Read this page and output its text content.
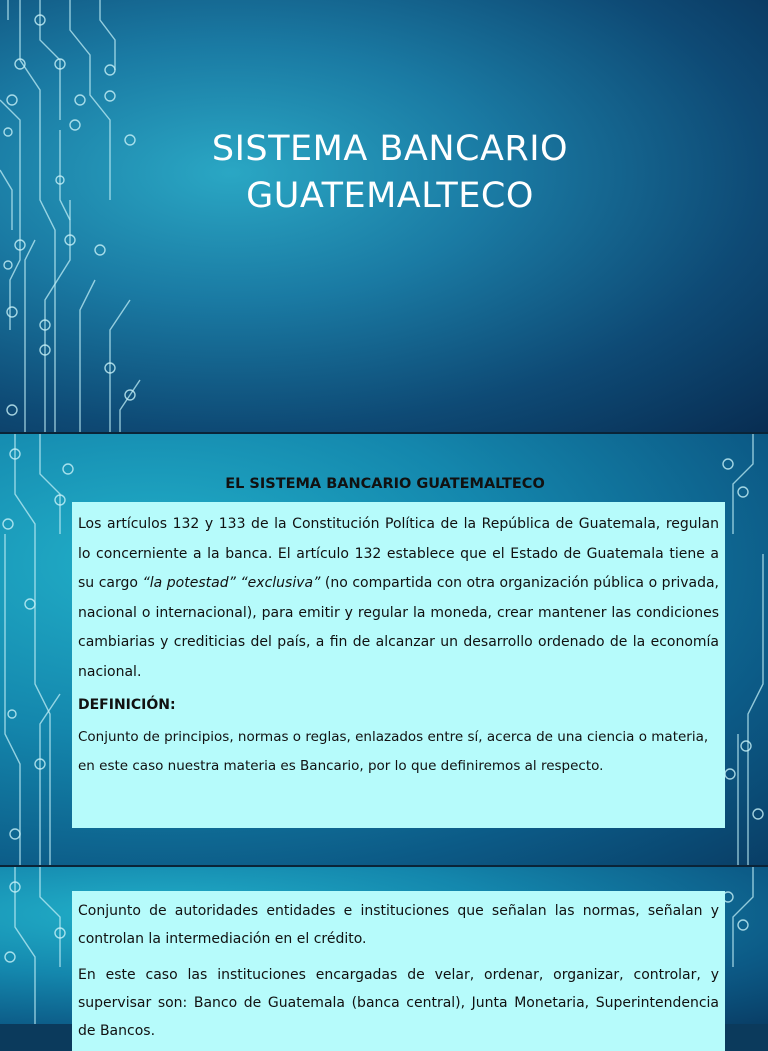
SISTEMA BANCARIO
GUATEMALTECO
EL SISTEMA BANCARIO GUATEMALTECO

Los artículos 132 y 133 de la Constitución Política de la República de Guatemala, regulan lo concerniente a la banca. El artículo 132 establece que el Estado de Guatemala tiene a su cargo “la potestad” “exclusiva” (no compartida con otra organización pública o privada, nacional o internacional), para emitir y regular la moneda, crear mantener las condiciones cambiarias y crediticias del país, a fin de alcanzar un desarrollo ordenado de la economía nacional.

DEFINICIÓN:

Conjunto de principios, normas o reglas, enlazados entre sí, acerca de una ciencia o materia, en este caso nuestra materia es Bancario, por lo que definiremos al respecto.

Conjunto de autoridades entidades e instituciones que señalan las normas, señalan y controlan la intermediación en el crédito.

En este caso las instituciones encargadas de velar, ordenar, organizar, controlar, y supervisar son: Banco de Guatemala (banca central), Junta Monetaria, Superintendencia de Bancos.
